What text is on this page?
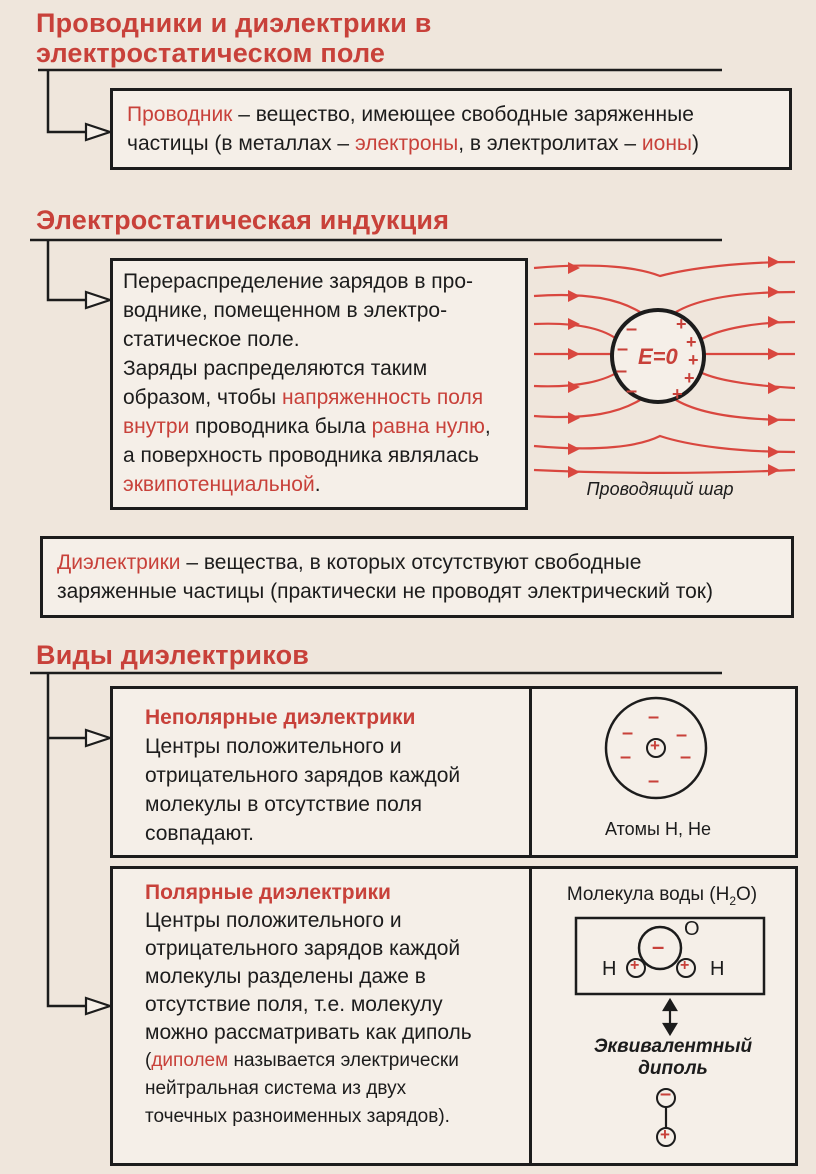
Проводники и диэлектрики в
электростатическом поле
Проводник – вещество, имеющее свободные заряженные
частицы (в металлах – электроны, в электролитах – ионы)
Электростатическая индукция
Перераспределение зарядов в про-
воднике, помещенном в электро-
статическое поле.
Заряды распределяются таким
образом, чтобы напряженность поля
внутри проводника была равна нулю,
а поверхность проводника являлась
эквипотенциальной.
–
–
–
–
+
+
+
+
+
E=0
Проводящий шар
Диэлектрики – вещества, в которых отсутствуют свободные
заряженные частицы (практически не проводят электрический ток)
Виды диэлектриков
Неполярные диэлектрики
Центры положительного и
отрицательного зарядов каждой
молекулы в отсутствие поля
совпадают.
+
–
– –
– –
–
Атомы H, He
Полярные диэлектрики
Центры положительного и
отрицательного зарядов каждой
молекулы разделены даже в
отсутствие поля, т.е. молекулу
можно рассматривать как диполь
(диполем называется электрически
нейтральная система из двух
точечных разноименных зарядов).
Молекула воды $(H_2O)$
–
+	+
O
H	H
–
+
Эквивалентный
диполь
